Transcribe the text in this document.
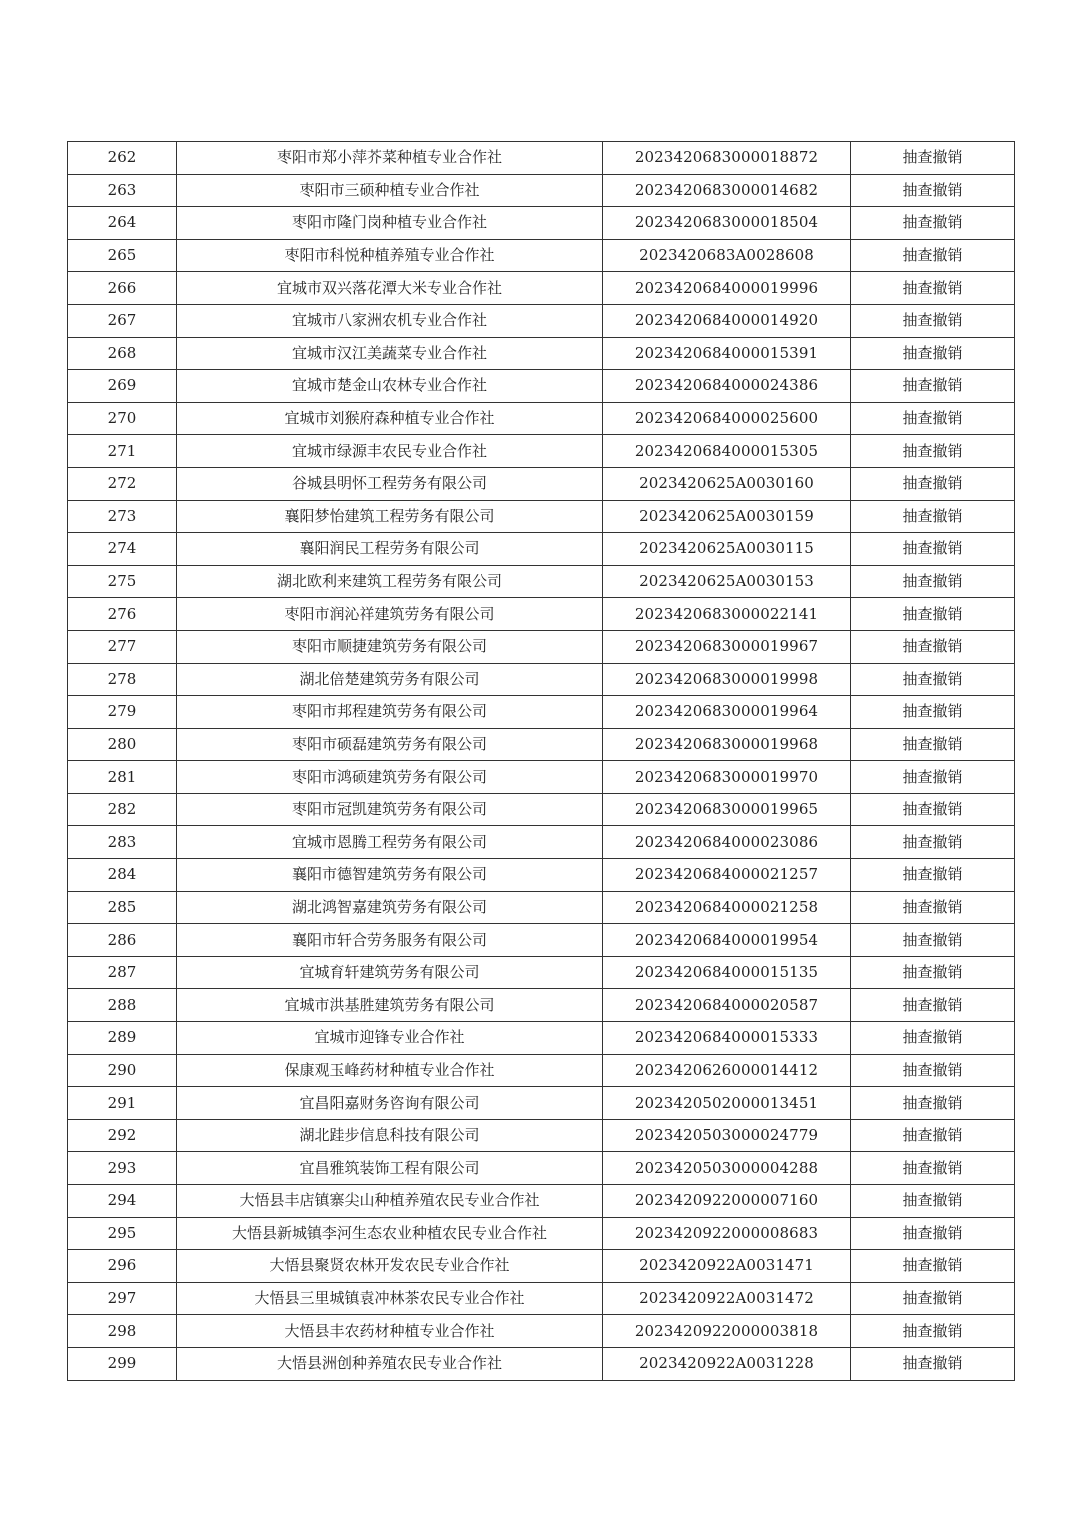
262	枣阳市郑小萍芥菜种植专业合作社	2023420683000018872	抽查撤销
263	枣阳市三硕种植专业合作社	2023420683000014682	抽查撤销
264	枣阳市隆门岗种植专业合作社	2023420683000018504	抽查撤销
265	枣阳市科悦种植养殖专业合作社	2023420683A0028608	抽查撤销
266	宜城市双兴落花潭大米专业合作社	2023420684000019996	抽查撤销
267	宜城市八家洲农机专业合作社	2023420684000014920	抽查撤销
268	宜城市汉江美蔬菜专业合作社	2023420684000015391	抽查撤销
269	宜城市楚金山农林专业合作社	2023420684000024386	抽查撤销
270	宜城市刘猴府森种植专业合作社	2023420684000025600	抽查撤销
271	宜城市绿源丰农民专业合作社	2023420684000015305	抽查撤销
272	谷城县明怀工程劳务有限公司	2023420625A0030160	抽查撤销
273	襄阳梦怡建筑工程劳务有限公司	2023420625A0030159	抽查撤销
274	襄阳润民工程劳务有限公司	2023420625A0030115	抽查撤销
275	湖北欧利来建筑工程劳务有限公司	2023420625A0030153	抽查撤销
276	枣阳市润沁祥建筑劳务有限公司	2023420683000022141	抽查撤销
277	枣阳市顺捷建筑劳务有限公司	2023420683000019967	抽查撤销
278	湖北倍楚建筑劳务有限公司	2023420683000019998	抽查撤销
279	枣阳市邦程建筑劳务有限公司	2023420683000019964	抽查撤销
280	枣阳市硕磊建筑劳务有限公司	2023420683000019968	抽查撤销
281	枣阳市鸿硕建筑劳务有限公司	2023420683000019970	抽查撤销
282	枣阳市冠凯建筑劳务有限公司	2023420683000019965	抽查撤销
283	宜城市恩腾工程劳务有限公司	2023420684000023086	抽查撤销
284	襄阳市德智建筑劳务有限公司	2023420684000021257	抽查撤销
285	湖北鸿智嘉建筑劳务有限公司	2023420684000021258	抽查撤销
286	襄阳市轩合劳务服务有限公司	2023420684000019954	抽查撤销
287	宜城育轩建筑劳务有限公司	2023420684000015135	抽查撤销
288	宜城市洪基胜建筑劳务有限公司	2023420684000020587	抽查撤销
289	宜城市迎锋专业合作社	2023420684000015333	抽查撤销
290	保康观玉峰药材种植专业合作社	2023420626000014412	抽查撤销
291	宜昌阳嘉财务咨询有限公司	2023420502000013451	抽查撤销
292	湖北跬步信息科技有限公司	2023420503000024779	抽查撤销
293	宜昌雅筑装饰工程有限公司	2023420503000004288	抽查撤销
294	大悟县丰店镇寨尖山种植养殖农民专业合作社	2023420922000007160	抽查撤销
295	大悟县新城镇李河生态农业种植农民专业合作社	2023420922000008683	抽查撤销
296	大悟县聚贤农林开发农民专业合作社	2023420922A0031471	抽查撤销
297	大悟县三里城镇袁冲林茶农民专业合作社	2023420922A0031472	抽查撤销
298	大悟县丰农药材种植专业合作社	2023420922000003818	抽查撤销
299	大悟县洲创种养殖农民专业合作社	2023420922A0031228	抽查撤销
